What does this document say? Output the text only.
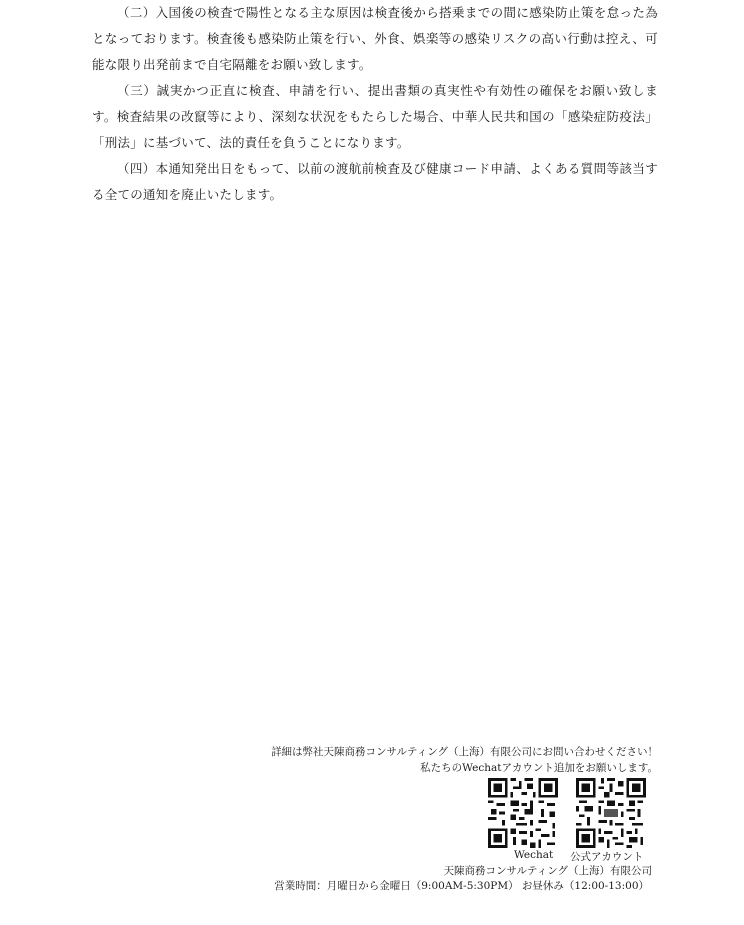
（二）入国後の検査で陽性となる主な原因は検査後から搭乗までの間に感染防止策を怠った為となっております。検査後も感染防止策を行い、外食、娯楽等の感染リスクの高い行動は控え、可能な限り出発前まで自宅隔離をお願い致します。

（三）誠実かつ正直に検査、申請を行い、提出書類の真実性や有効性の確保をお願い致します。検査結果の改竄等により、深刻な状況をもたらした場合、中華人民共和国の「感染症防疫法」「刑法」に基づいて、法的責任を負うことになります。

（四）本通知発出日をもって、以前の渡航前検査及び健康コード申請、よくある質問等該当する全ての通知を廃止いたします。

詳細は弊社天陳商務コンサルティング（上海）有限公司にお問い合わせください！
私たちのWechatアカウント追加をお願いします。
Wechat 公式アカウント
天陳商務コンサルティング（上海）有限公司
営業時間：月曜日から金曜日（9:00AM-5:30PM） お昼休み（12:00-13:00）
